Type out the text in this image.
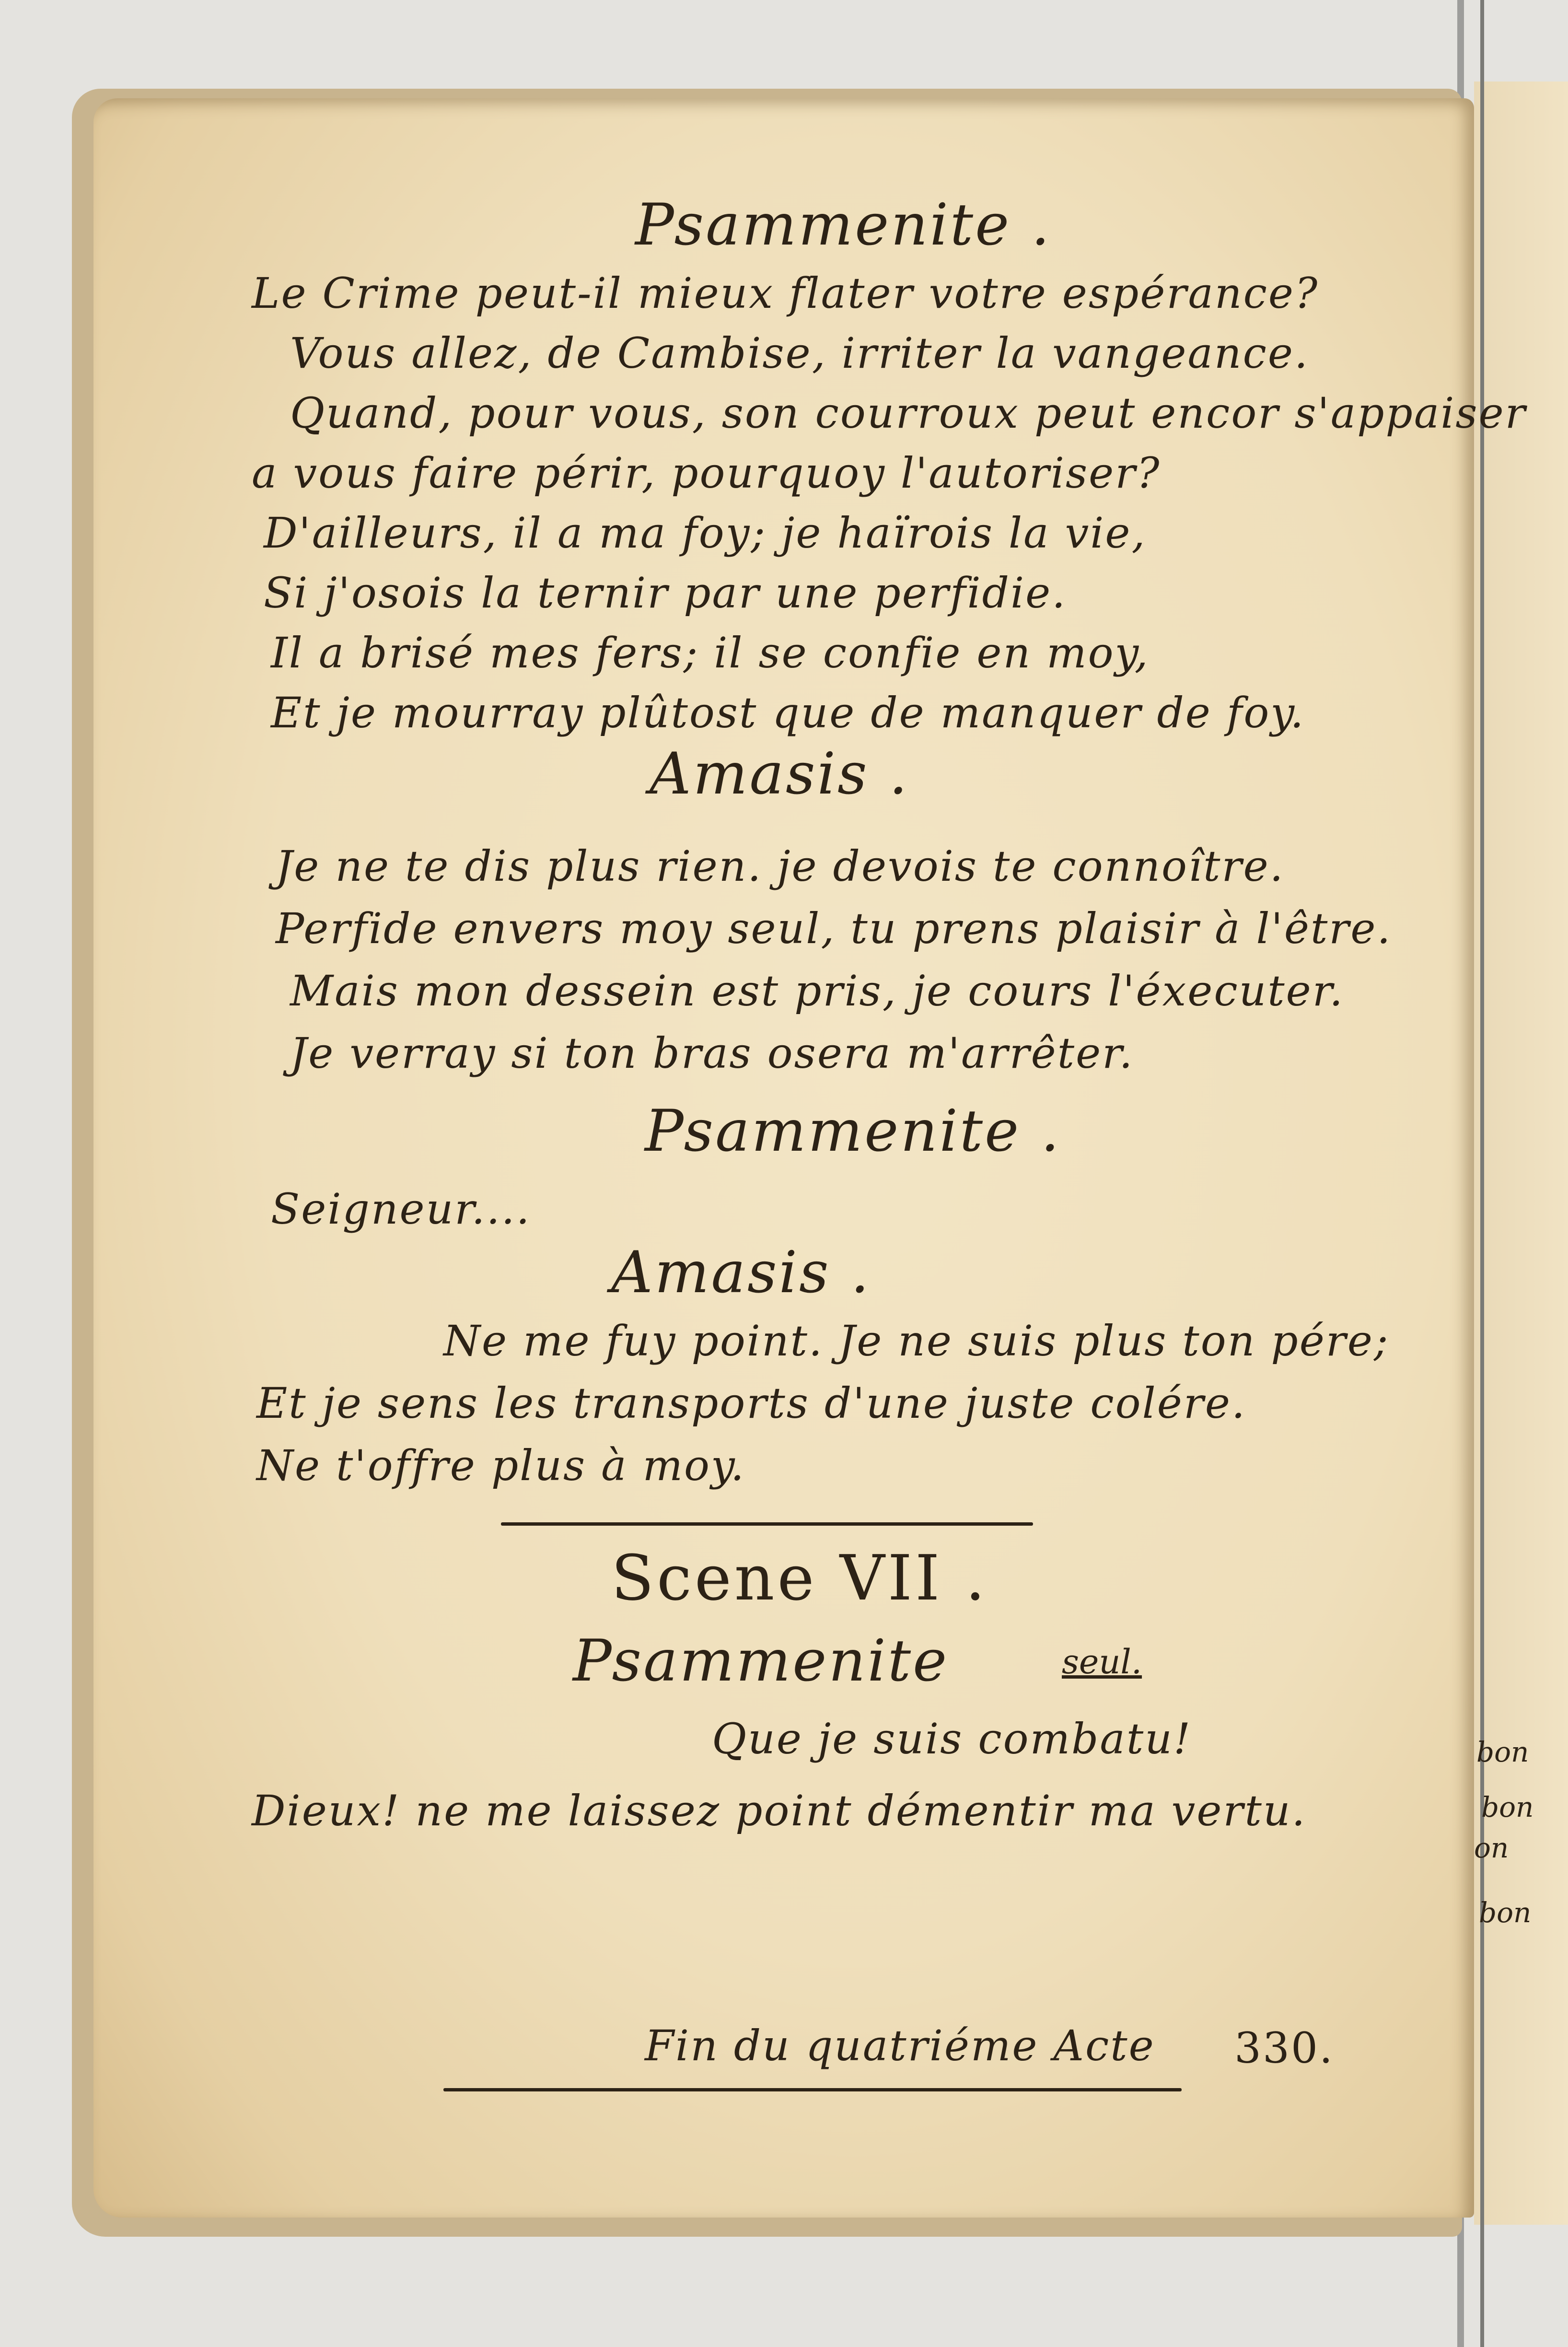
Psammenite .
Le Crime peut-il mieux flater votre espérance?
Vous allez, de Cambise, irriter la vangeance.
Quand, pour vous, son courroux peut encor s'appaiser
a vous faire périr, pourquoy l'autoriser?
D'ailleurs, il a ma foy; je haïrois la vie,
Si j'osois la ternir par une perfidie.
Il a brisé mes fers; il se confie en moy,
Et je mourray plûtost que de manquer de foy.
Amasis .
Je ne te dis plus rien. je devois te connoître.
Perfide envers moy seul, tu prens plaisir à l'être.
Mais mon dessein est pris, je cours l'éxecuter.
Je verray si ton bras osera m'arrêter.
Psammenite .
Seigneur....
Amasis .
Ne me fuy point. Je ne suis plus ton pére;
Et je sens les transports d'une juste colére.
Ne t'offre plus à moy.
Scene VII .
Psammenite	seul.
Que je suis combatu!
Dieux! ne me laissez point démentir ma vertu.
Fin du quatriéme Acte 330.
bon
bon
on
bon
